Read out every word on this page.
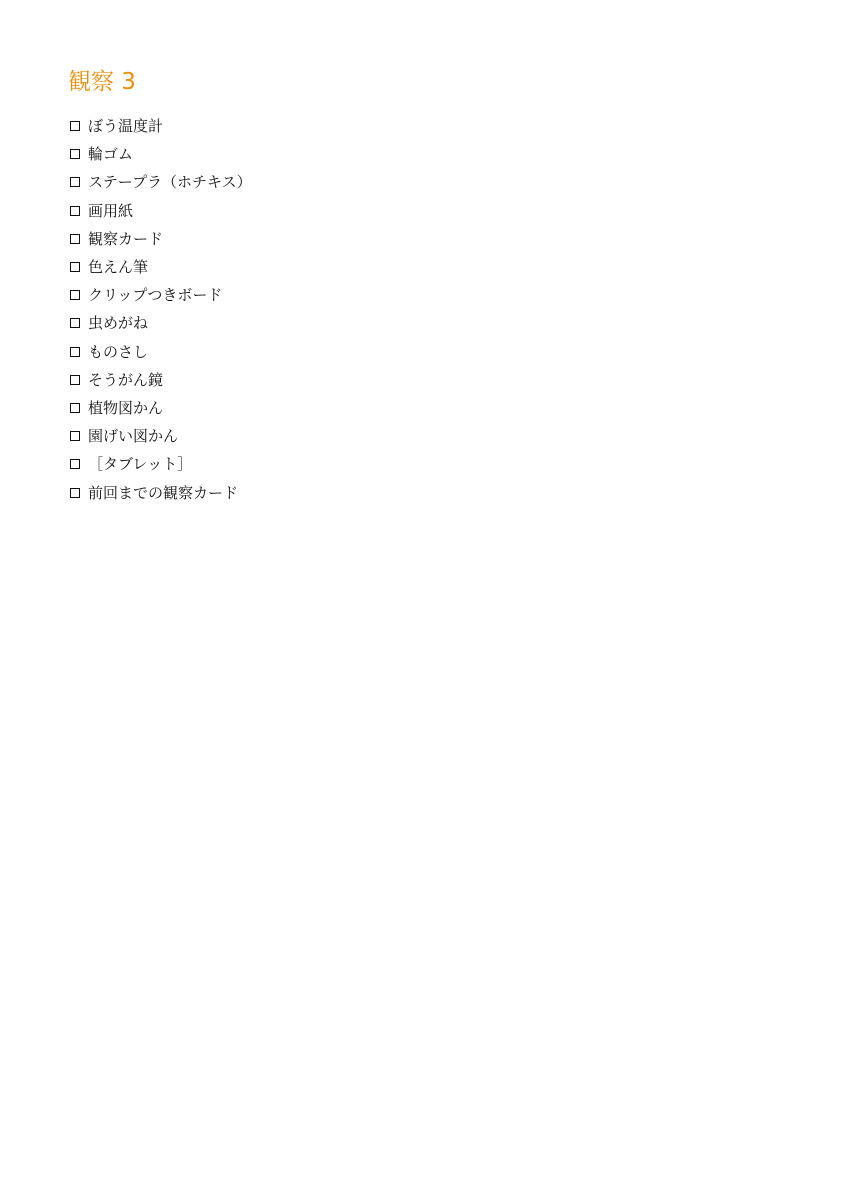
観察 3
ぼう温度計
輪ゴム
ステープラ（ホチキス）
画用紙
観察カード
色えん筆
クリップつきボード
虫めがね
ものさし
そうがん鏡
植物図かん
園げい図かん
［タブレット］
前回までの観察カード
